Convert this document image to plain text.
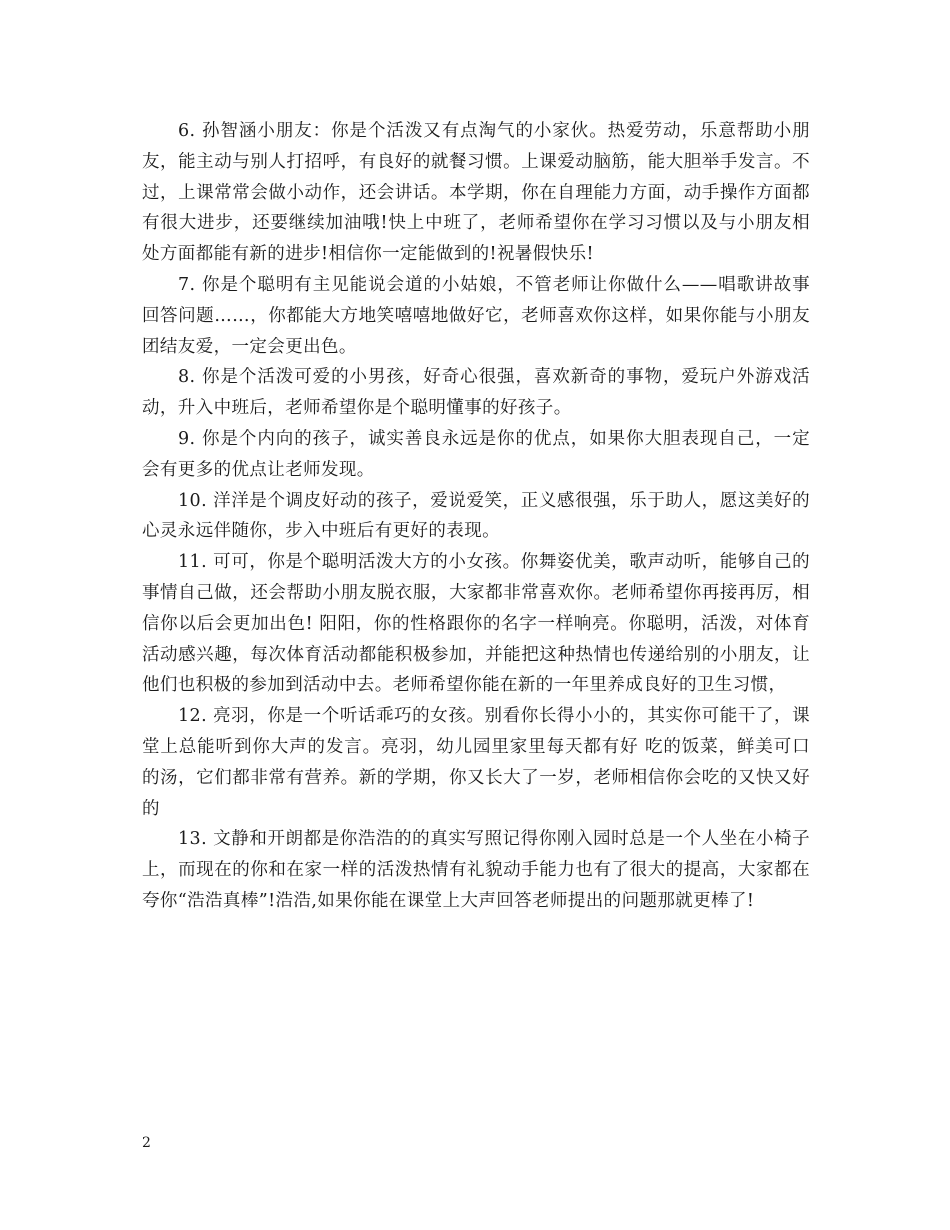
6. 孙智涵小朋友：你是个活泼又有点淘气的小家伙。热爱劳动，乐意帮助小朋友，能主动与别人打招呼，有良好的就餐习惯。上课爱动脑筋，能大胆举手发言。不过，上课常常会做小动作，还会讲话。本学期，你在自理能力方面，动手操作方面都有很大进步，还要继续加油哦!快上中班了，老师希望你在学习习惯以及与小朋友相处方面都能有新的进步!相信你一定能做到的!祝暑假快乐!

7. 你是个聪明有主见能说会道的小姑娘，不管老师让你做什么——唱歌讲故事回答问题……，你都能大方地笑嘻嘻地做好它，老师喜欢你这样，如果你能与小朋友团结友爱，一定会更出色。

8. 你是个活泼可爱的小男孩，好奇心很强，喜欢新奇的事物，爱玩户外游戏活动，升入中班后，老师希望你是个聪明懂事的好孩子。

9. 你是个内向的孩子，诚实善良永远是你的优点，如果你大胆表现自己，一定会有更多的优点让老师发现。

10. 洋洋是个调皮好动的孩子，爱说爱笑，正义感很强，乐于助人，愿这美好的心灵永远伴随你，步入中班后有更好的表现。

11. 可可，你是个聪明活泼大方的小女孩。你舞姿优美，歌声动听，能够自己的事情自己做，还会帮助小朋友脱衣服，大家都非常喜欢你。老师希望你再接再厉，相信你以后会更加出色! 阳阳，你的性格跟你的名字一样响亮。你聪明，活泼，对体育活动感兴趣，每次体育活动都能积极参加，并能把这种热情也传递给别的小朋友，让他们也积极的参加到活动中去。老师希望你能在新的一年里养成良好的卫生习惯，

12. 亮羽，你是一个听话乖巧的女孩。别看你长得小小的，其实你可能干了，课堂上总能听到你大声的发言。亮羽，幼儿园里家里每天都有好 吃的饭菜，鲜美可口的汤，它们都非常有营养。新的学期，你又长大了一岁，老师相信你会吃的又快又好的

13. 文静和开朗都是你浩浩的的真实写照记得你刚入园时总是一个人坐在小椅子上，而现在的你和在家一样的活泼热情有礼貌动手能力也有了很大的提高，大家都在夸你“浩浩真棒”!浩浩,如果你能在课堂上大声回答老师提出的问题那就更棒了!

2
